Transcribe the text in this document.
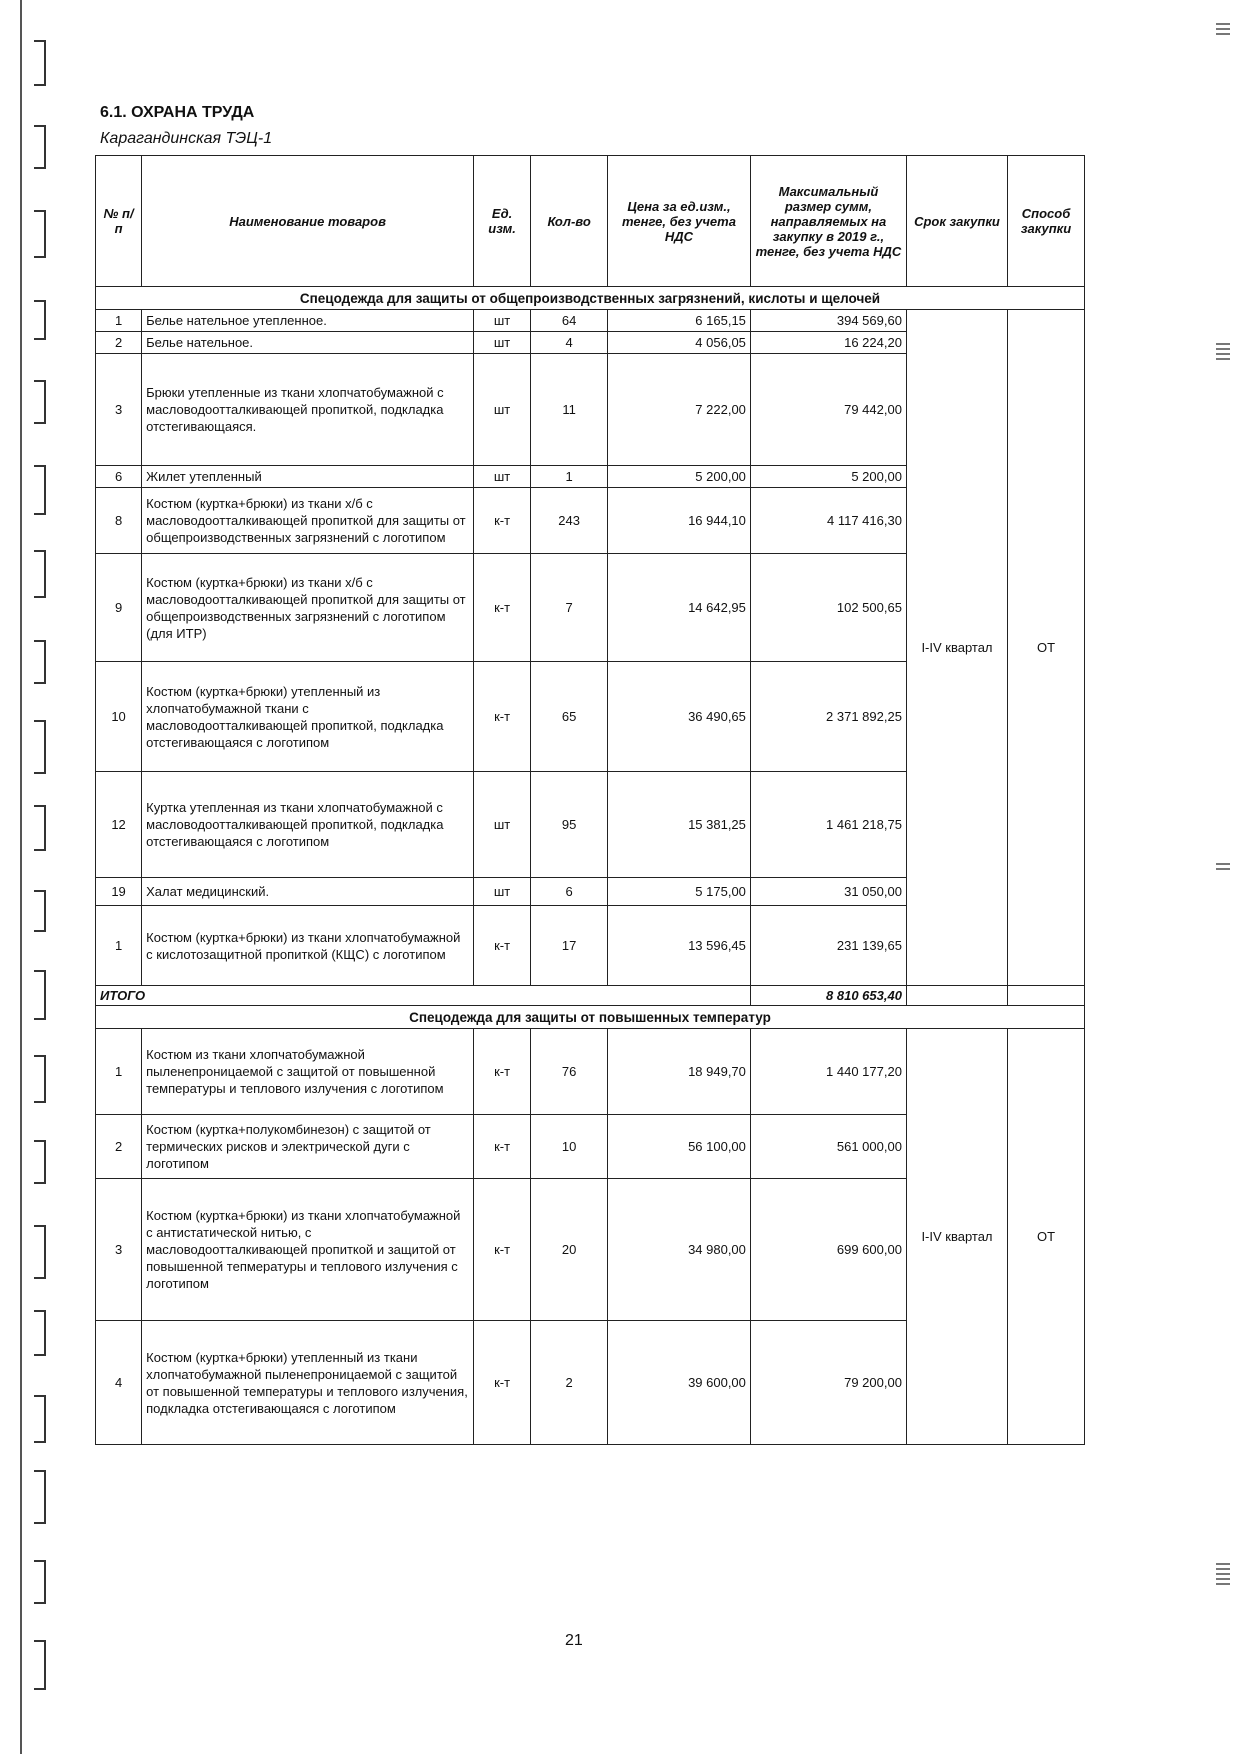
6.1. ОХРАНА ТРУДА
Карагандинская ТЭЦ-1
№ п/п	Наименование товаров	Ед. изм.	Кол-во	Цена за ед.изм., тенге, без учета НДС	Максимальный размер сумм, направляемых на закупку в 2019 г., тенге, без учета НДС	Срок закупки	Способ закупки
Спецодежда для защиты от общепроизводственных загрязнений, кислоты и щелочей							
1	Белье нательное утепленное.	шт	64	6 165,15	394 569,60	I-IV квартал	ОТ
2	Белье нательное.	шт	4	4 056,05	16 224,20		
3	Брюки утепленные из ткани хлопчатобумажной с масловодоотталкивающей пропиткой, подкладка отстегивающаяся.	шт	11	7 222,00	79 442,00		
6	Жилет утепленный	шт	1	5 200,00	5 200,00		
8	Костюм (куртка+брюки) из ткани х/б с масловодоотталкивающей пропиткой для защиты от общепроизводственных загрязнений с логотипом	к-т	243	16 944,10	4 117 416,30		
9	Костюм (куртка+брюки) из ткани х/б с масловодоотталкивающей пропиткой для защиты от общепроизводственных загрязнений с логотипом (для ИТР)	к-т	7	14 642,95	102 500,65		
10	Костюм (куртка+брюки) утепленный из хлопчатобумажной ткани с масловодоотталкивающей пропиткой, подкладка отстегивающаяся с логотипом	к-т	65	36 490,65	2 371 892,25		
12	Куртка утепленная из ткани хлопчатобумажной с масловодоотталкивающей пропиткой, подкладка отстегивающаяся с логотипом	шт	95	15 381,25	1 461 218,75		
19	Халат медицинский.	шт	6	5 175,00	31 050,00		
1	Костюм (куртка+брюки) из ткани хлопчатобумажной с кислотозащитной пропиткой (КЩС) с логотипом	к-т	17	13 596,45	231 139,65		
ИТОГО					8 810 653,40		
Спецодежда для защиты от повышенных температур							
1	Костюм из ткани хлопчатобумажной пыленепроницаемой с защитой от повышенной температуры и теплового излучения с логотипом	к-т	76	18 949,70	1 440 177,20	I-IV квартал	ОТ
2	Костюм (куртка+полукомбинезон) с защитой от термических рисков и электрической дуги с логотипом	к-т	10	56 100,00	561 000,00		
3	Костюм (куртка+брюки) из ткани хлопчатобумажной с антистатической нитью, с масловодоотталкивающей пропиткой и защитой от повышенной тепмературы и теплового излучения с логотипом	к-т	20	34 980,00	699 600,00		
4	Костюм (куртка+брюки) утепленный из ткани хлопчатобумажной пыленепроницаемой с защитой от повышенной температуры и теплового излучения, подкладка отстегивающаяся с логотипом	к-т	2	39 600,00	79 200,00		
21
